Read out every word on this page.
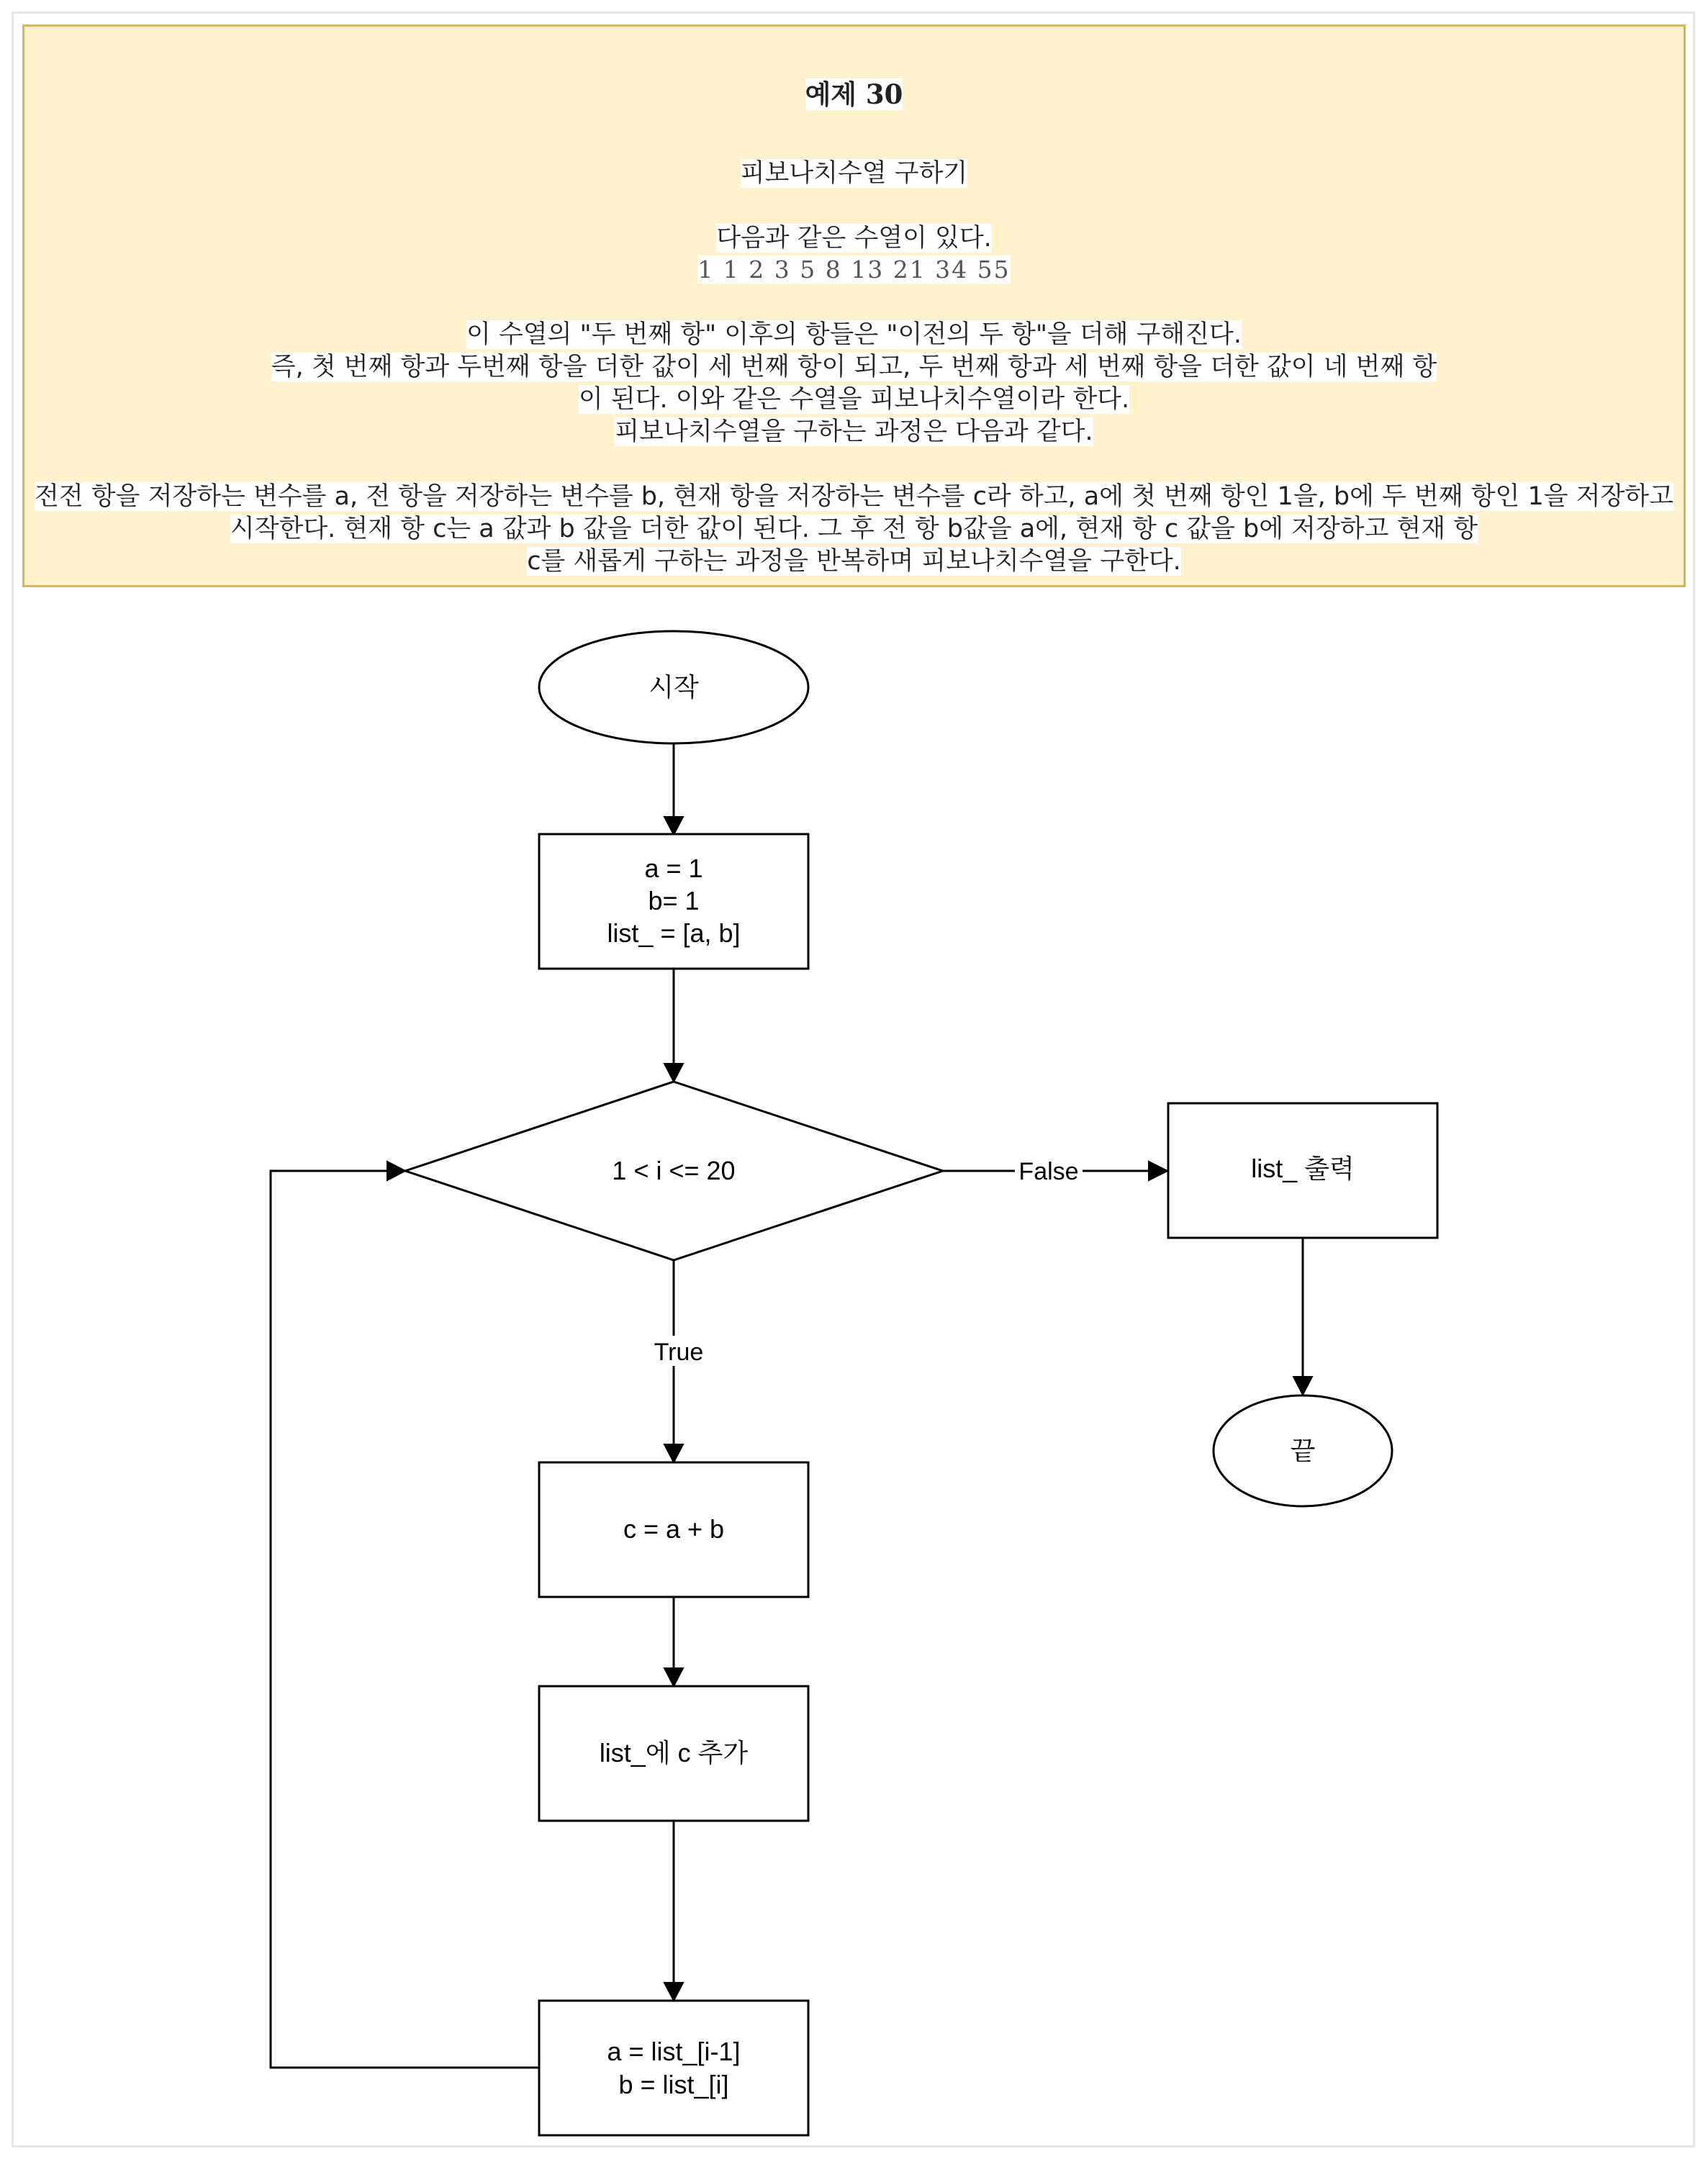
예제 30
피보나치수열 구하기
다음과 같은 수열이 있다.
1 1 2 3 5 8 13 21 34 55
이 수열의 "두 번째 항" 이후의 항들은 "이전의 두 항"을 더해 구해진다.
즉, 첫 번째 항과 두번째 항을 더한 값이 세 번째 항이 되고, 두 번째 항과 세 번째 항을 더한 값이 네 번째 항
이 된다. 이와 같은 수열을 피보나치수열이라 한다.
피보나치수열을 구하는 과정은 다음과 같다.
전전 항을 저장하는 변수를 a, 전 항을 저장하는 변수를 b, 현재 항을 저장하는 변수를 c라 하고, a에 첫 번째 항인 1을, b에 두 번째 항인 1을 저장하고
시작한다. 현재 항 c는 a 값과 b 값을 더한 값이 된다. 그 후 전 항 b값을 a에, 현재 항 c 값을 b에 저장하고 현재 항
c를 새롭게 구하는 과정을 반복하며 피보나치수열을 구한다.
False
True
시작
a = 1
b= 1
list_ = [a, b]
1 < i <= 20	list_ 출력
끝
c = a + b
list_에 c 추가
a = list_[i-1]
b = list_[i]
